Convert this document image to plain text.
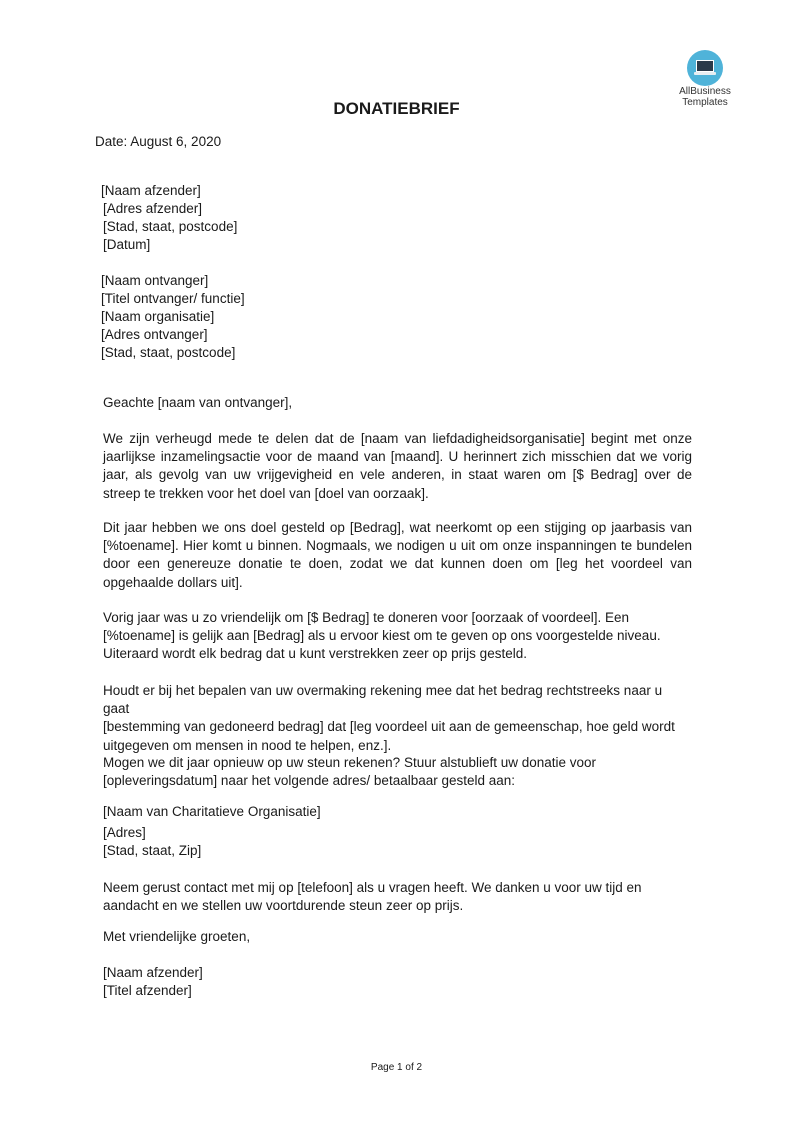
AllBusiness
Templates
DONATIEBRIEF
Date: August 6, 2020
[Naam afzender]
[Adres afzender]
[Stad, staat, postcode]
[Datum]
[Naam ontvanger]
[Titel ontvanger/ functie]
[Naam organisatie]
[Adres ontvanger]
[Stad, staat, postcode]
Geachte [naam van ontvanger],
We zijn verheugd mede te delen dat de [naam van liefdadigheidsorganisatie] begint met onze
jaarlijkse inzamelingsactie voor de maand van [maand]. U herinnert zich misschien dat we vorig
jaar, als gevolg van uw vrijgevigheid en vele anderen, in staat waren om [$ Bedrag] over de
streep te trekken voor het doel van [doel van oorzaak].
Dit jaar hebben we ons doel gesteld op [Bedrag], wat neerkomt op een stijging op jaarbasis van
[%toename]. Hier komt u binnen. Nogmaals, we nodigen u uit om onze inspanningen te bundelen
door een genereuze donatie te doen, zodat we dat kunnen doen om [leg het voordeel van
opgehaalde dollars uit].
Vorig jaar was u zo vriendelijk om [$ Bedrag] te doneren voor [oorzaak of voordeel]. Een
[%toename] is gelijk aan [Bedrag] als u ervoor kiest om te geven op ons voorgestelde niveau.
Uiteraard wordt elk bedrag dat u kunt verstrekken zeer op prijs gesteld.
Houdt er bij het bepalen van uw overmaking rekening mee dat het bedrag rechtstreeks naar u gaat
[bestemming van gedoneerd bedrag] dat [leg voordeel uit aan de gemeenschap, hoe geld wordt
uitgegeven om mensen in nood te helpen, enz.].
Mogen we dit jaar opnieuw op uw steun rekenen? Stuur alstublieft uw donatie voor
[opleveringsdatum] naar het volgende adres/ betaalbaar gesteld aan:
[Naam van Charitatieve Organisatie]
[Adres]
[Stad, staat, Zip]
Neem gerust contact met mij op [telefoon] als u vragen heeft. We danken u voor uw tijd en
aandacht en we stellen uw voortdurende steun zeer op prijs.
Met vriendelijke groeten,
[Naam afzender]
[Titel afzender]
Page 1 of 2
